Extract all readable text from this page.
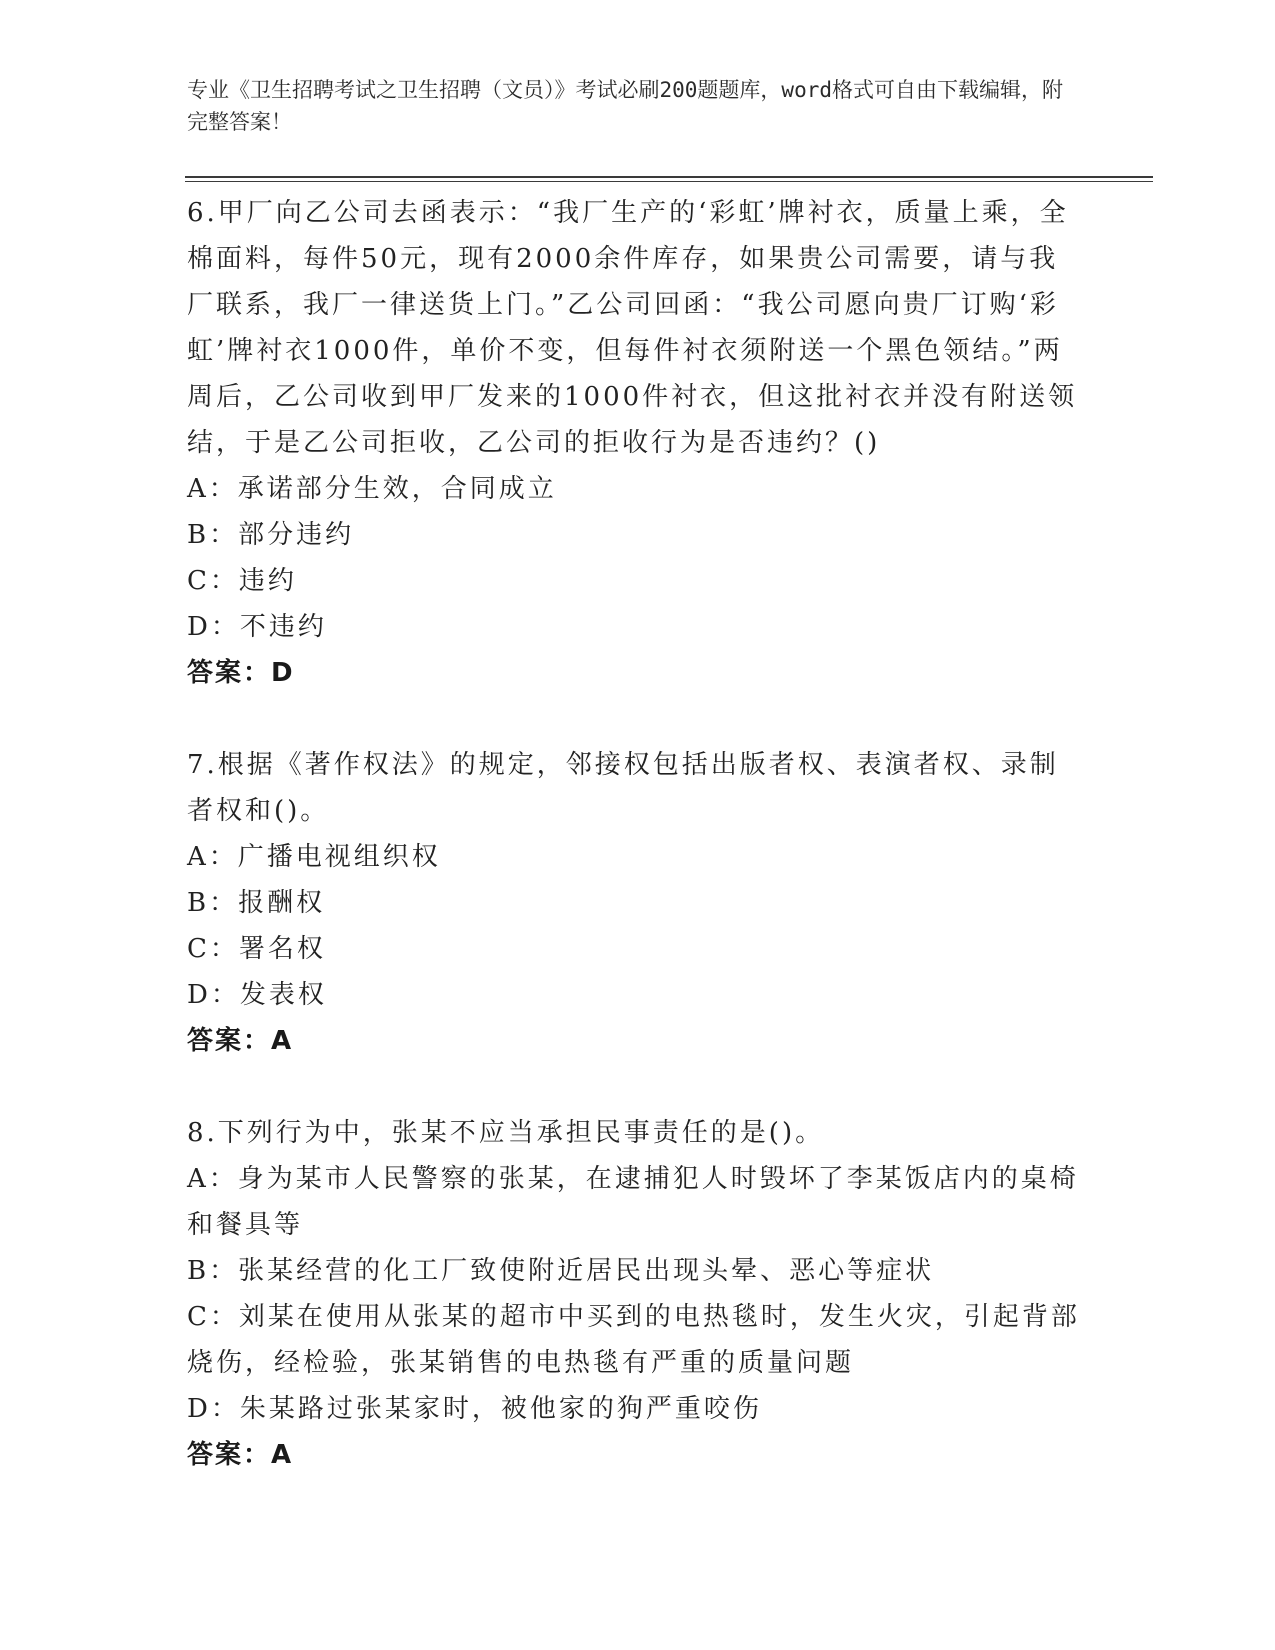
专业《卫生招聘考试之卫生招聘（文员）》考试必刷200题题库，word格式可自由下载编辑，附完整答案！
6.甲厂向乙公司去函表示：“我厂生产的‘彩虹’牌衬衣，质量上乘，全棉面料，每件50元，现有2000余件库存，如果贵公司需要，请与我厂联系，我厂一律送货上门。”乙公司回函：“我公司愿向贵厂订购‘彩虹’牌衬衣1000件，单价不变，但每件衬衣须附送一个黑色领结。”两周后，乙公司收到甲厂发来的1000件衬衣，但这批衬衣并没有附送领结，于是乙公司拒收，乙公司的拒收行为是否违约？()
A：承诺部分生效，合同成立
B：部分违约
C：违约
D：不违约
答案：D
7.根据《著作权法》的规定，邻接权包括出版者权、表演者权、录制者权和()。
A：广播电视组织权
B：报酬权
C：署名权
D：发表权
答案：A
8.下列行为中，张某不应当承担民事责任的是()。
A：身为某市人民警察的张某，在逮捕犯人时毁坏了李某饭店内的桌椅和餐具等
B：张某经营的化工厂致使附近居民出现头晕、恶心等症状
C：刘某在使用从张某的超市中买到的电热毯时，发生火灾，引起背部烧伤，经检验，张某销售的电热毯有严重的质量问题
D：朱某路过张某家时，被他家的狗严重咬伤
答案：A
